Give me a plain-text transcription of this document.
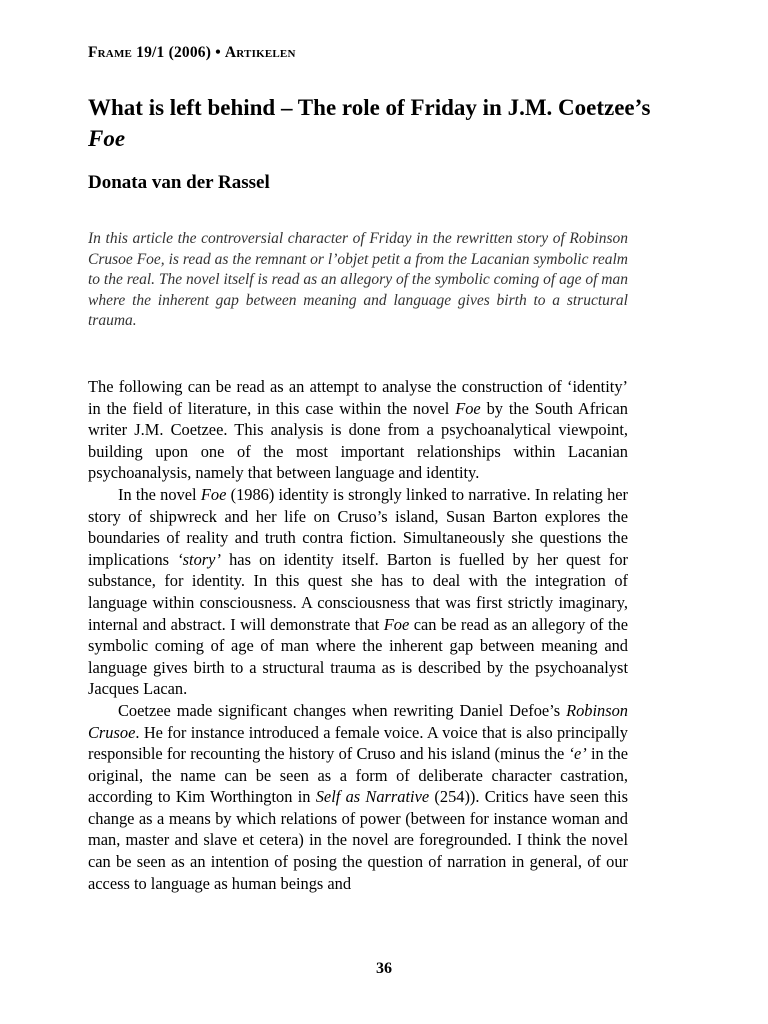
Frame 19/1 (2006) • Artikelen
What is left behind – The role of Friday in J.M. Coetzee’s Foe
Donata van der Rassel
In this article the controversial character of Friday in the rewritten story of Robinson Crusoe Foe, is read as the remnant or l’objet petit a from the Lacanian symbolic realm to the real. The novel itself is read as an allegory of the symbolic coming of age of man where the inherent gap between meaning and language gives birth to a structural trauma.

The following can be read as an attempt to analyse the construction of ‘identity’ in the field of literature, in this case within the novel Foe by the South African writer J.M. Coetzee. This analysis is done from a psychoanalytical viewpoint, building upon one of the most important relationships within Lacanian psychoanalysis, namely that between language and identity.

In the novel Foe (1986) identity is strongly linked to narrative. In relating her story of shipwreck and her life on Cruso’s island, Susan Barton explores the boundaries of reality and truth contra fiction. Simultaneously she questions the implications ‘story’ has on identity itself. Barton is fuelled by her quest for substance, for identity. In this quest she has to deal with the integration of language within consciousness. A consciousness that was first strictly imaginary, internal and abstract. I will demonstrate that Foe can be read as an allegory of the symbolic coming of age of man where the inherent gap between meaning and language gives birth to a structural trauma as is described by the psychoanalyst Jacques Lacan.

Coetzee made significant changes when rewriting Daniel Defoe’s Robinson Crusoe. He for instance introduced a female voice. A voice that is also principally responsible for recounting the history of Cruso and his island (minus the ‘e’ in the original, the name can be seen as a form of deliberate character castration, according to Kim Worthington in Self as Narrative (254)). Critics have seen this change as a means by which relations of power (between for instance woman and man, master and slave et cetera) in the novel are foregrounded. I think the novel can be seen as an intention of posing the question of narration in general, of our access to language as human beings and

36
